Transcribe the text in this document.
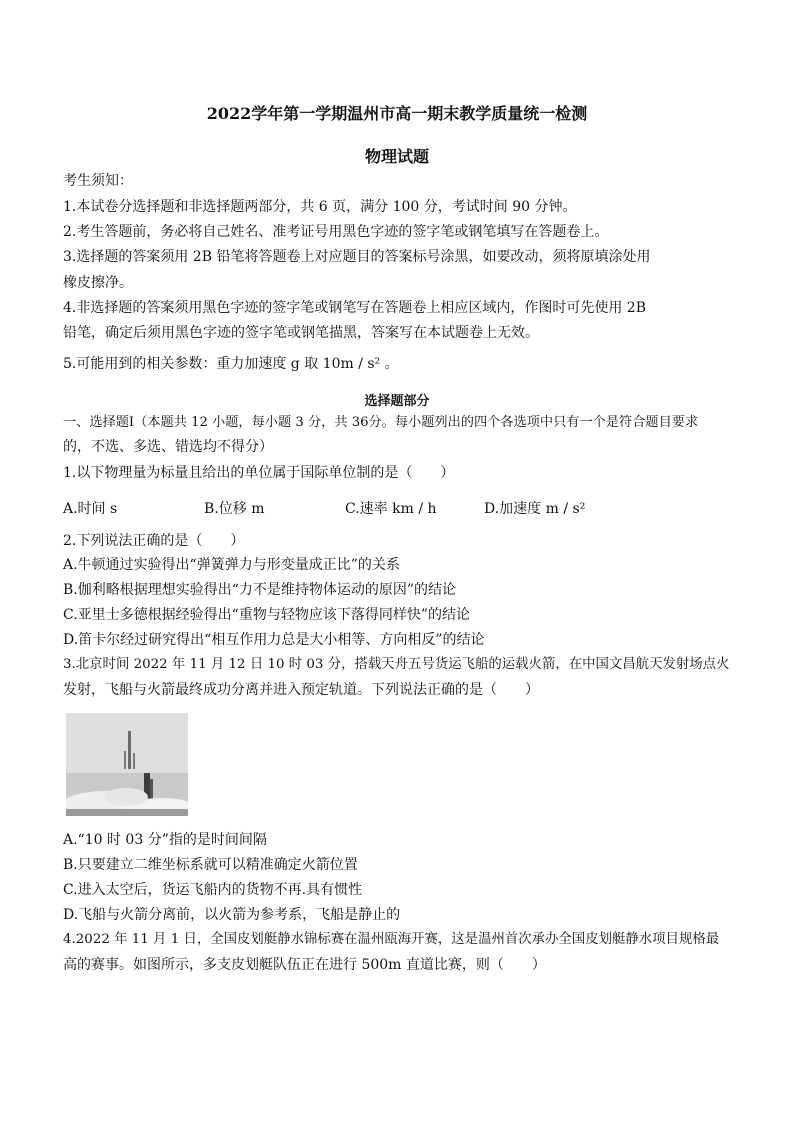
2022学年第一学期温州市高一期末教学质量统一检测
物理试题
考生须知：
1.本试卷分选择题和非选择题两部分，共 6 页，满分 100 分，考试时间 90 分钟。
2.考生答题前，务必将自己姓名、准考证号用黑色字迹的签字笔或钢笔填写在答题卷上。
3.选择题的答案须用 2B 铅笔将答题卷上对应题目的答案标号涂黑，如要改动，须将原填涂处用
橡皮擦净。
4.非选择题的答案须用黑色字迹的签字笔或钢笔写在答题卷上相应区域内，作图时可先使用 2B
铅笔，确定后须用黑色字迹的签字笔或钢笔描黑，答案写在本试题卷上无效。
5.可能用到的相关参数：重力加速度 g 取 10m / s² 。
选择题部分
一、选择题Ⅰ（本题共 12 小题，每小题 3 分，共 36分。每小题列出的四个各选项中只有一个是符合题目要求
的，不选、多选、错选均不得分）
1.以下物理量为标量且给出的单位属于国际单位制的是（　　）
A.时间 s	B.位移 m	C.速率 km / h	D.加速度 m / s²
2.下列说法正确的是（　　）
A.牛顿通过实验得出“弹簧弹力与形变量成正比”的关系
B.伽利略根据理想实验得出“力不是维持物体运动的原因”的结论
C.亚里士多德根据经验得出“重物与轻物应该下落得同样快”的结论
D.笛卡尔经过研究得出“相互作用力总是大小相等、方向相反”的结论
3.北京时间 2022 年 11 月 12 日 10 时 03 分，搭载天舟五号货运飞船的运载火箭，在中国文昌航天发射场点火
发射，飞船与火箭最终成功分离并进入预定轨道。下列说法正确的是（　　）
A.“10 时 03 分”指的是时间间隔
B.只要建立二维坐标系就可以精准确定火箭位置
C.进入太空后，货运飞船内的货物不再.具有惯性
D.飞船与火箭分离前，以火箭为参考系，飞船是静止的
4.2022 年 11 月 1 日，全国皮划艇静水锦标赛在温州瓯海开赛，这是温州首次承办全国皮划艇静水项目规格最
高的赛事。如图所示，多支皮划艇队伍正在进行 500m 直道比赛，则（　　）
